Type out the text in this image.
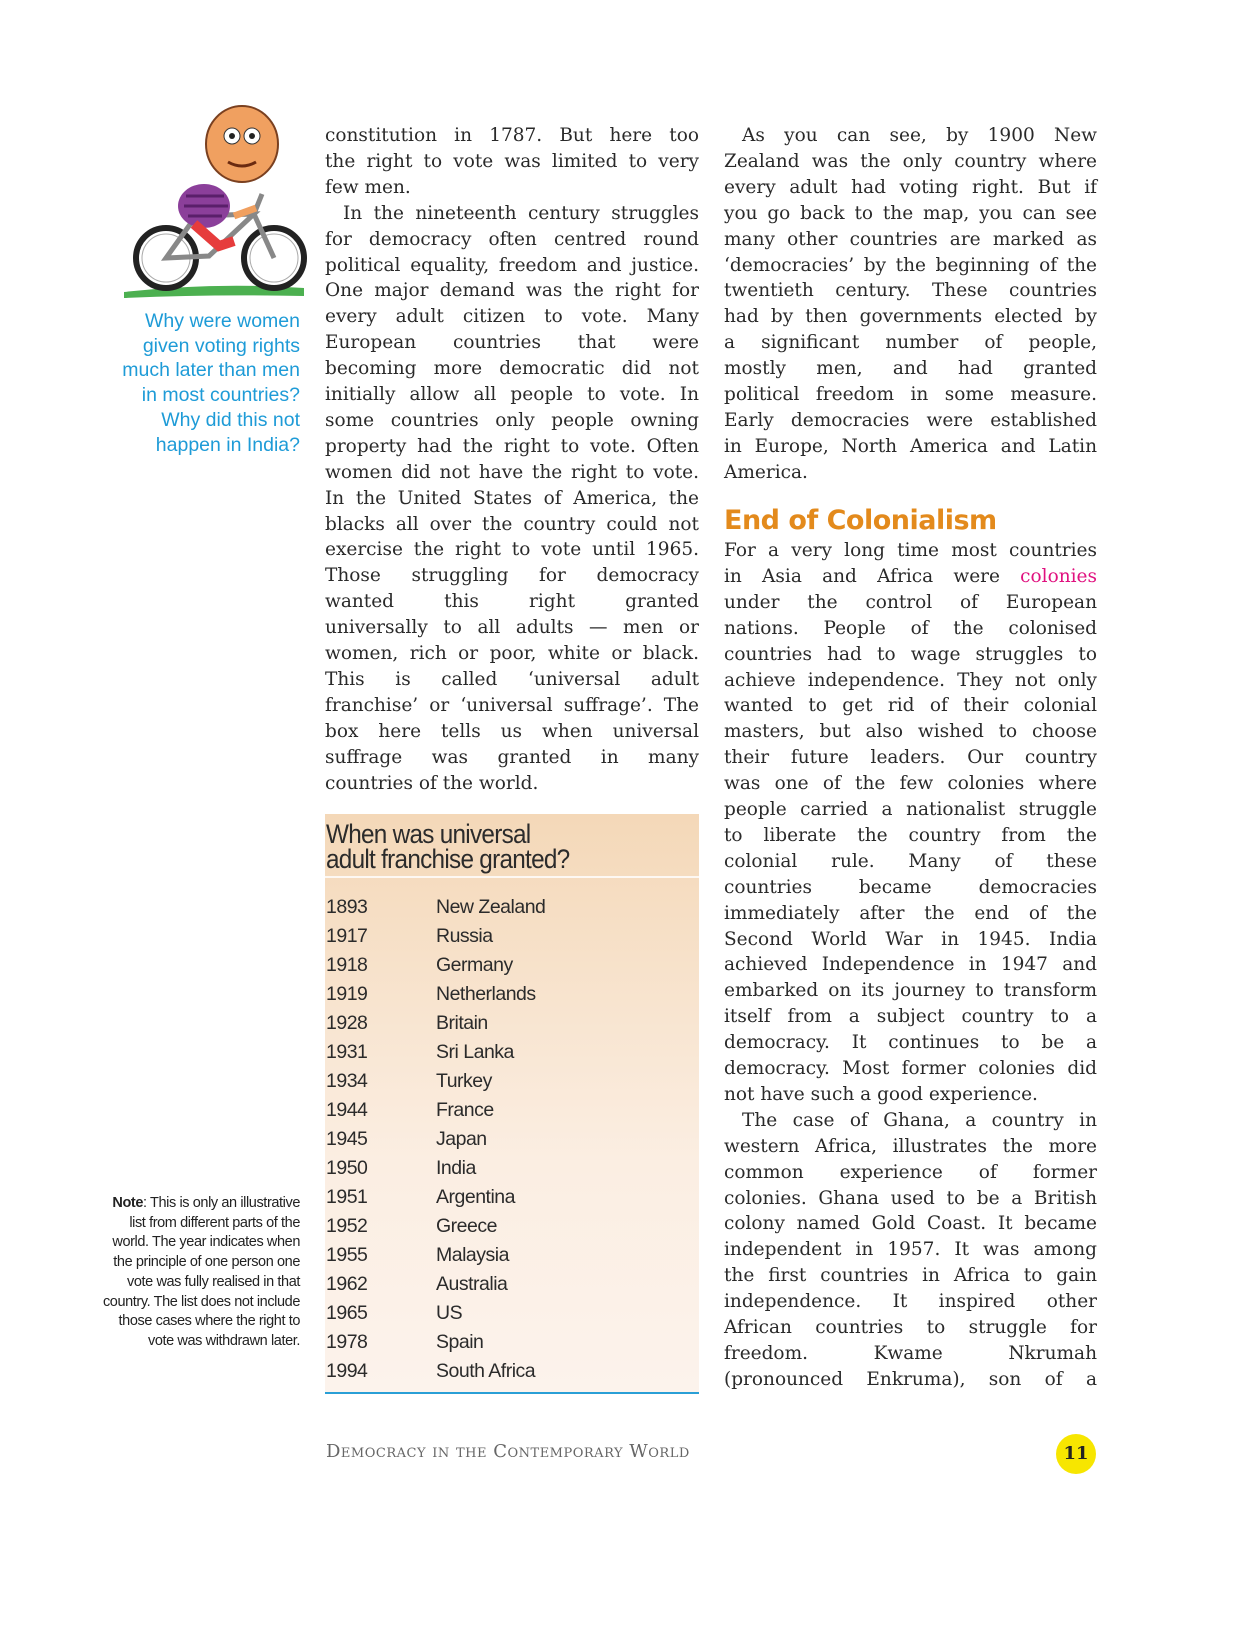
Why were women given voting rights much later than men in most countries? Why did this not happen in India?
Note: This is only an illustrative list from different parts of the world. The year indicates when the principle of one person one vote was fully realised in that country. The list does not include those cases where the right to vote was withdrawn later.
constitution in 1787. But here too
the right to vote was limited to very
few men.
In the nineteenth century struggles
for democracy often centred round
political equality, freedom and justice.
One major demand was the right for
every adult citizen to vote. Many
European countries that were
becoming more democratic did not
initially allow all people to vote. In
some countries only people owning
property had the right to vote. Often
women did not have the right to vote.
In the United States of America, the
blacks all over the country could not
exercise the right to vote until 1965.
Those struggling for democracy
wanted this right granted
universally to all adults — men or
women, rich or poor, white or black.
This is called ‘universal adult
franchise’ or ‘universal suffrage’. The
box here tells us when universal
suffrage was granted in many
countries of the world.
As you can see, by 1900 New
Zealand was the only country where
every adult had voting right. But if
you go back to the map, you can see
many other countries are marked as
‘democracies’ by the beginning of the
twentieth century. These countries
had by then governments elected by
a significant number of people,
mostly men, and had granted
political freedom in some measure.
Early democracies were established
in Europe, North America and Latin
America.
For a very long time most countries
in Asia and Africa were colonies
under the control of European
nations. People of the colonised
countries had to wage struggles to
achieve independence. They not only
wanted to get rid of their colonial
masters, but also wished to choose
their future leaders. Our country
was one of the few colonies where
people carried a nationalist struggle
to liberate the country from the
colonial rule. Many of these
countries became democracies
immediately after the end of the
Second World War in 1945. India
achieved Independence in 1947 and
embarked on its journey to transform
itself from a subject country to a
democracy. It continues to be a
democracy. Most former colonies did
not have such a good experience.
The case of Ghana, a country in
western Africa, illustrates the more
common experience of former
colonies. Ghana used to be a British
colony named Gold Coast. It became
independent in 1957. It was among
the first countries in Africa to gain
independence. It inspired other
African countries to struggle for
freedom. Kwame Nkrumah
(pronounced Enkruma), son of a
End of Colonialism
When was universal
adult franchise granted?
1893	New Zealand
1917	Russia
1918	Germany
1919	Netherlands
1928	Britain
1931	Sri Lanka
1934	Turkey
1944	France
1945	Japan
1950	India
1951	Argentina
1952	Greece
1955	Malaysia
1962	Australia
1965	US
1978	Spain
1994	South Africa
Democracy in the Contemporary World	11
